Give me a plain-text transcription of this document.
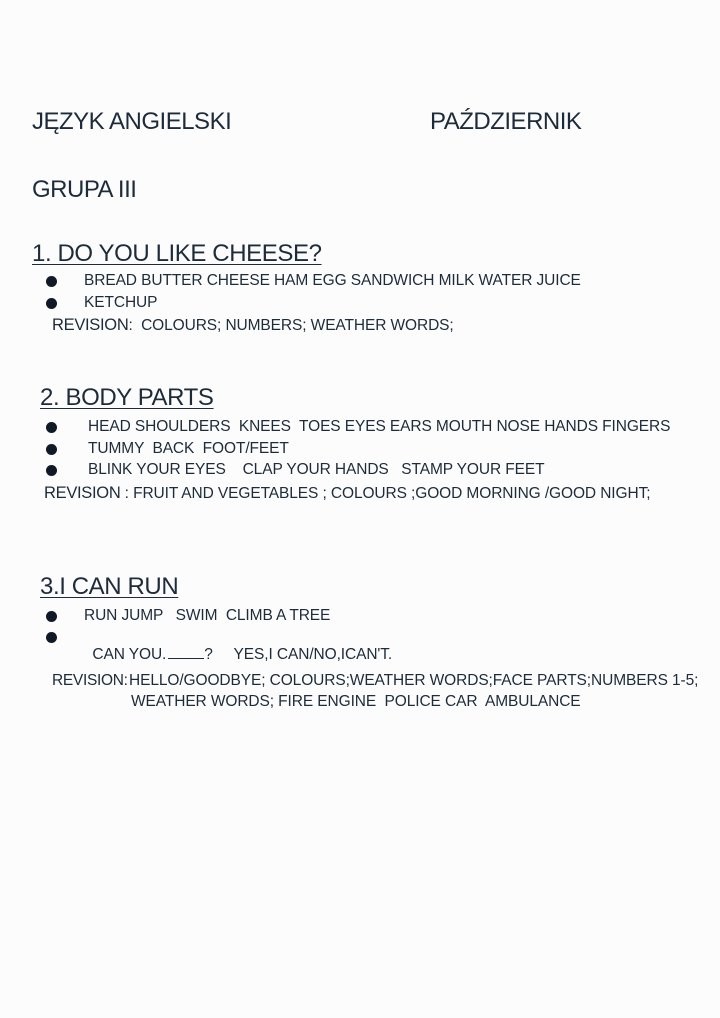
JĘZYK ANGIELSKI	PAŹDZIERNIK
GRUPA III
1. DO YOU LIKE CHEESE?
BREAD BUTTER CHEESE HAM EGG SANDWICH MILK WATER JUICE
KETCHUP
REVISION:  COLOURS; NUMBERS; WEATHER WORDS;
2. BODY PARTS
HEAD SHOULDERS  KNEES  TOES EYES EARS MOUTH NOSE HANDS FINGERS
TUMMY  BACK  FOOT/FEET
BLINK YOUR EYES    CLAP YOUR HANDS   STAMP YOUR FEET
REVISION : FRUIT AND VEGETABLES ; COLOURS ;GOOD MORNING /GOOD NIGHT;
3.I CAN RUN
RUN JUMP   SWIM  CLIMB A TREE

CAN YOU. ?     YES,I CAN/NO,ICAN'T.

REVISION: HELLO/GOODBYE; COLOURS;WEATHER WORDS;FACE PARTS;NUMBERS 1-5;
WEATHER WORDS; FIRE ENGINE  POLICE CAR  AMBULANCE
